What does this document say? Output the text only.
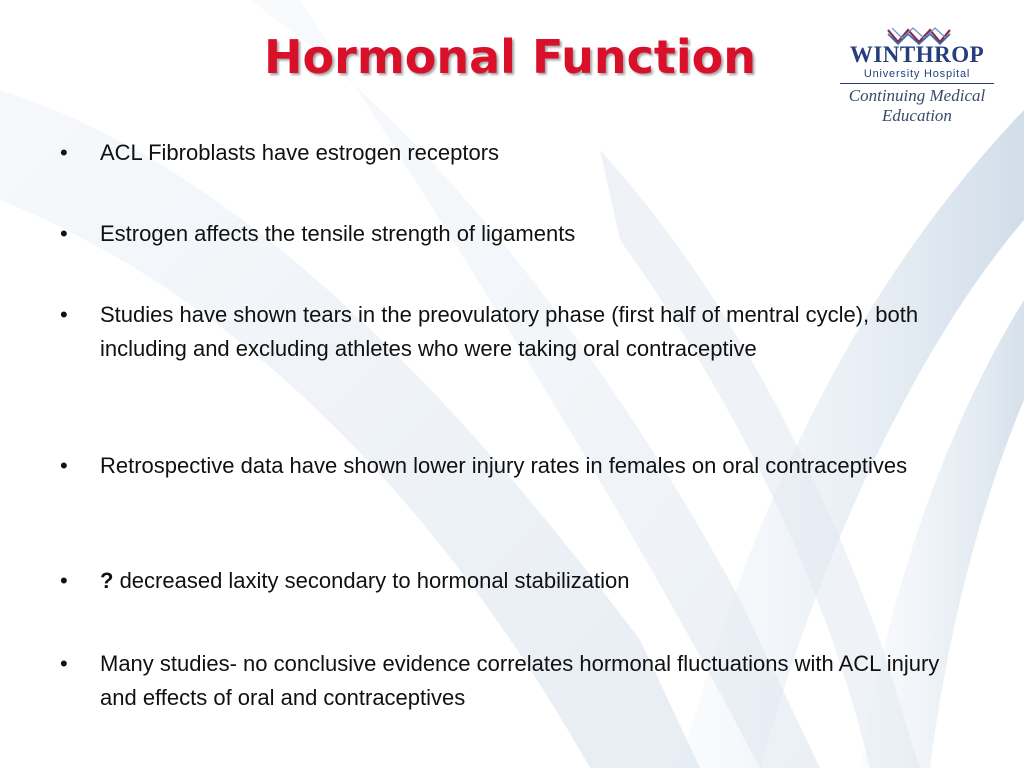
Hormonal Function	WINTHROP
University Hospital
Continuing Medical
Education
•	ACL Fibroblasts have estrogen receptors
•	Estrogen affects the tensile strength of ligaments
•	Studies have shown tears in the preovulatory phase (first half of mentral cycle), both including and excluding athletes who were taking oral contraceptive
•	Retrospective data have shown lower injury rates in females on oral contraceptives
•	? decreased laxity secondary to hormonal stabilization
•	Many studies- no conclusive evidence correlates hormonal fluctuations with ACL injury and effects of oral and contraceptives
